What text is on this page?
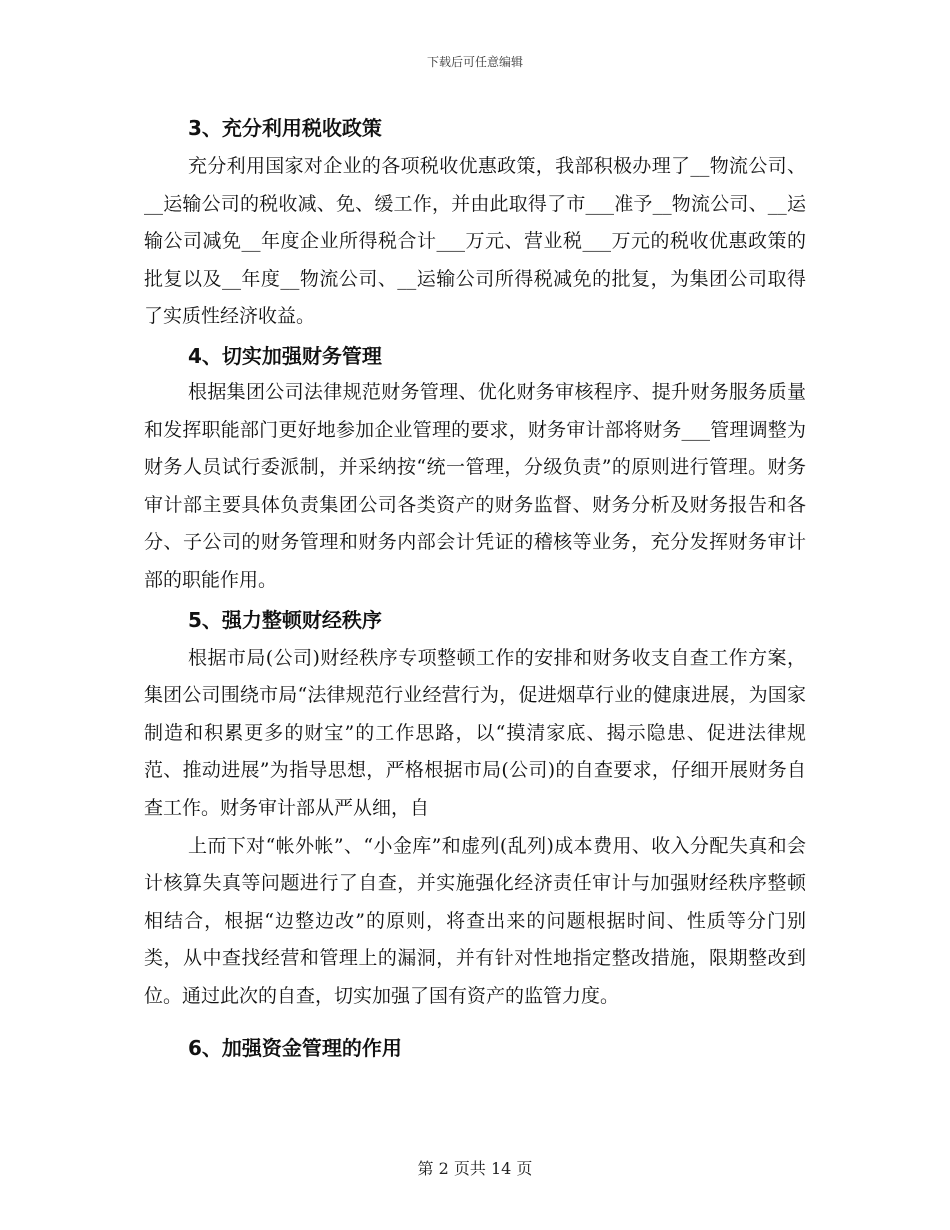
下载后可任意编辑
3、充分利用税收政策

充分利用国家对企业的各项税收优惠政策，我部积极办理了__物流公司、__运输公司的税收减、免、缓工作，并由此取得了市___准予__物流公司、__运输公司减免__年度企业所得税合计___万元、营业税___万元的税收优惠政策的批复以及__年度__物流公司、__运输公司所得税减免的批复，为集团公司取得了实质性经济收益。

4、切实加强财务管理

根据集团公司法律规范财务管理、优化财务审核程序、提升财务服务质量和发挥职能部门更好地参加企业管理的要求，财务审计部将财务___管理调整为财务人员试行委派制，并采纳按“统一管理，分级负责”的原则进行管理。财务审计部主要具体负责集团公司各类资产的财务监督、财务分析及财务报告和各分、子公司的财务管理和财务内部会计凭证的稽核等业务，充分发挥财务审计部的职能作用。

5、强力整顿财经秩序

根据市局(公司)财经秩序专项整顿工作的安排和财务收支自查工作方案，集团公司围绕市局“法律规范行业经营行为，促进烟草行业的健康进展，为国家制造和积累更多的财宝”的工作思路，以“摸清家底、揭示隐患、促进法律规范、推动进展”为指导思想，严格根据市局(公司)的自查要求，仔细开展财务自查工作。财务审计部从严从细，自

上而下对“帐外帐”、“小金库”和虚列(乱列)成本费用、收入分配失真和会计核算失真等问题进行了自查，并实施强化经济责任审计与加强财经秩序整顿相结合，根据“边整边改”的原则，将查出来的问题根据时间、性质等分门别类，从中查找经营和管理上的漏洞，并有针对性地指定整改措施，限期整改到位。通过此次的自查，切实加强了国有资产的监管力度。

6、加强资金管理的作用
第 2 页共 14 页
